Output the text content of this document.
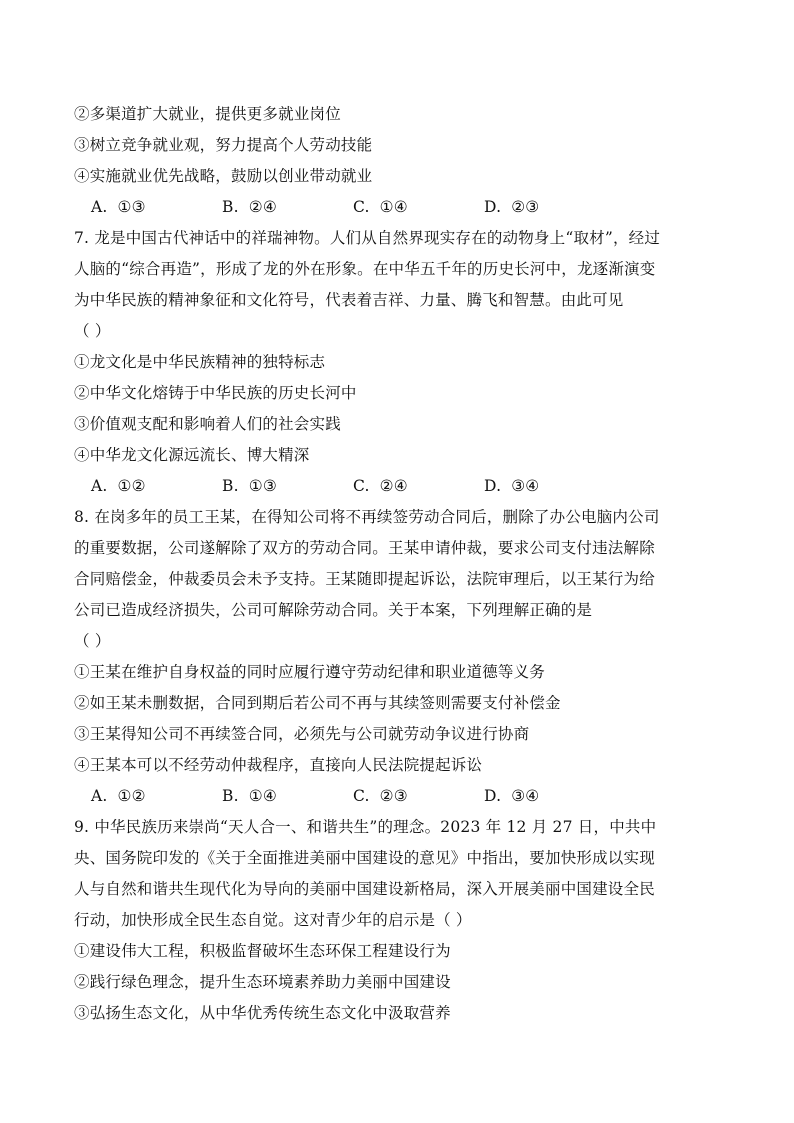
②多渠道扩大就业，提供更多就业岗位
③树立竞争就业观，努力提高个人劳动技能
④实施就业优先战略，鼓励以创业带动就业
A. ①③	B. ②④	C. ①④	D. ②③
7. 龙是中国古代神话中的祥瑞神物。人们从自然界现实存在的动物身上“取材”，经过
人脑的“综合再造”，形成了龙的外在形象。在中华五千年的历史长河中，龙逐渐演变
为中华民族的精神象征和文化符号，代表着吉祥、力量、腾飞和智慧。由此可见
（ ）
①龙文化是中华民族精神的独特标志
②中华文化熔铸于中华民族的历史长河中
③价值观支配和影响着人们的社会实践
④中华龙文化源远流长、博大精深
A. ①②	B. ①③	C. ②④	D. ③④
8. 在岗多年的员工王某，在得知公司将不再续签劳动合同后，删除了办公电脑内公司
的重要数据，公司遂解除了双方的劳动合同。王某申请仲裁，要求公司支付违法解除
合同赔偿金，仲裁委员会未予支持。王某随即提起诉讼，法院审理后，以王某行为给
公司已造成经济损失，公司可解除劳动合同。关于本案，下列理解正确的是
（ ）
①王某在维护自身权益的同时应履行遵守劳动纪律和职业道德等义务
②如王某未删数据，合同到期后若公司不再与其续签则需要支付补偿金
③王某得知公司不再续签合同，必须先与公司就劳动争议进行协商
④王某本可以不经劳动仲裁程序，直接向人民法院提起诉讼
A. ①②	B. ①④	C. ②③	D. ③④
9. 中华民族历来崇尚“天人合一、和谐共生”的理念。2023 年 12 月 27 日，中共中
央、国务院印发的《关于全面推进美丽中国建设的意见》中指出，要加快形成以实现
人与自然和谐共生现代化为导向的美丽中国建设新格局，深入开展美丽中国建设全民
行动，加快形成全民生态自觉。这对青少年的启示是（ ）
①建设伟大工程，积极监督破坏生态环保工程建设行为
②践行绿色理念，提升生态环境素养助力美丽中国建设
③弘扬生态文化，从中华优秀传统生态文化中汲取营养
